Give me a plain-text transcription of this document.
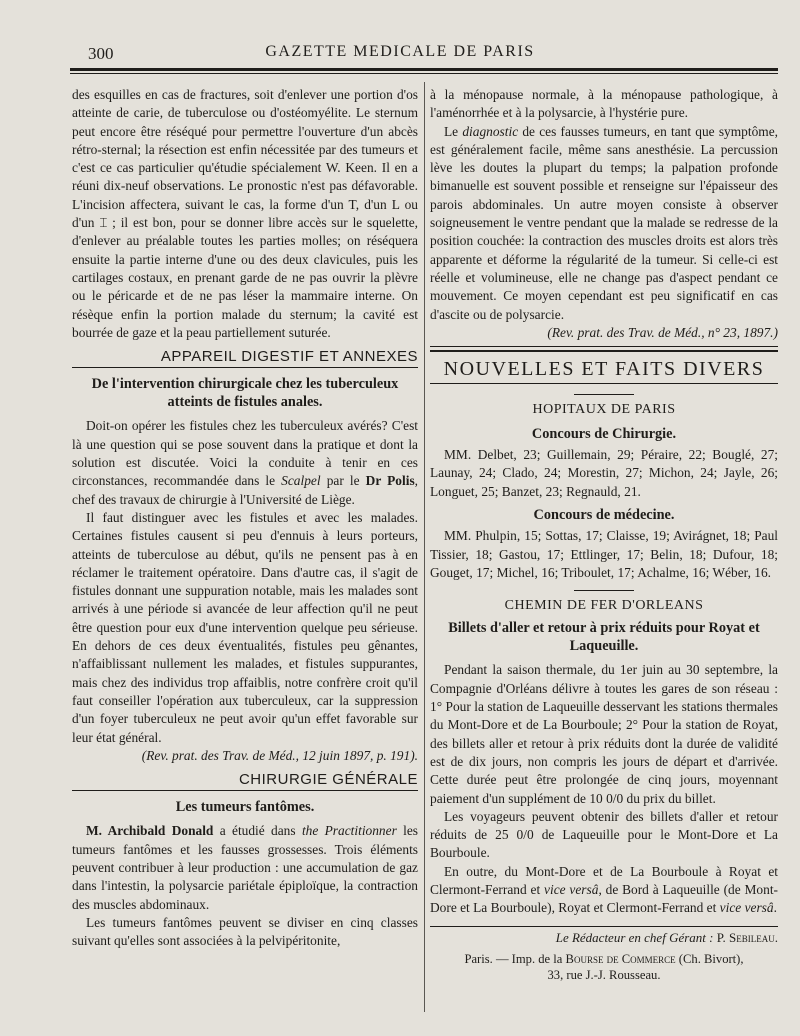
300	GAZETTE MEDICALE DE PARIS

des esquilles en cas de fractures, soit d'enlever une portion d'os atteinte de carie, de tuberculose ou d'ostéomyélite. Le sternum peut encore être réséqué pour permettre l'ouverture d'un abcès rétro-sternal; la résection est enfin nécessitée par des tumeurs et c'est ce cas particulier qu'étudie spécialement W. Keen. Il en a réuni dix-neuf observations. Le pronostic n'est pas défavorable. L'incision affectera, suivant le cas, la forme d'un T, d'un L ou d'un ⌶ ; il est bon, pour se donner libre accès sur le squelette, d'enlever au préalable toutes les parties molles; on réséquera ensuite la partie interne d'une ou des deux clavicules, puis les cartilages costaux, en prenant garde de ne pas ouvrir la plèvre ou le péricarde et de ne pas léser la mammaire interne. On résèque enfin la portion malade du sternum; la cavité est bourrée de gaze et la peau partiellement suturée.

APPAREIL DIGESTIF ET ANNEXES
De l'intervention chirurgicale chez les tuberculeux atteints de fistules anales.

Doit-on opérer les fistules chez les tuberculeux avérés? C'est là une question qui se pose souvent dans la pratique et dont la solution est discutée. Voici la conduite à tenir en ces circonstances, recommandée dans le Scalpel par le Dr Polis, chef des travaux de chirurgie à l'Université de Liège.

Il faut distinguer avec les fistules et avec les malades. Certaines fistules causent si peu d'ennuis à leurs porteurs, atteints de tuberculose au début, qu'ils ne pensent pas à en réclamer le traitement opératoire. Dans d'autre cas, il s'agit de fistules donnant une suppuration notable, mais les malades sont arrivés à une période si avancée de leur affection qu'il ne peut être question pour eux d'une intervention quelque peu sérieuse. En dehors de ces deux éventualités, fistules peu gênantes, n'affaiblissant nullement les malades, et fistules suppurantes, mais chez des individus trop affaiblis, notre confrère croit qu'il faut conseiller l'opération aux tuberculeux, car la suppression d'un foyer tuberculeux ne peut avoir qu'un effet favorable sur leur état général.

(Rev. prat. des Trav. de Méd., 12 juin 1897, p. 191).

CHIRURGIE GÉNÉRALE
Les tumeurs fantômes.

M. Archibald Donald a étudié dans the Practitionner les tumeurs fantômes et les fausses grossesses. Trois éléments peuvent contribuer à leur production : une accumulation de gaz dans l'intestin, la polysarcie pariétale épiploïque, la contraction des muscles abdominaux.

Les tumeurs fantômes peuvent se diviser en cinq classes suivant qu'elles sont associées à la pelvipéritonite,

à la ménopause normale, à la ménopause pathologique, à l'aménorrhée et à la polysarcie, à l'hystérie pure.

Le diagnostic de ces fausses tumeurs, en tant que symptôme, est généralement facile, même sans anesthésie. La percussion lève les doutes la plupart du temps; la palpation profonde bimanuelle est souvent possible et renseigne sur l'épaisseur des parois abdominales. Un autre moyen consiste à observer soigneusement le ventre pendant que la malade se redresse de la position couchée: la contraction des muscles droits est alors très apparente et déforme la régularité de la tumeur. Si celle-ci est réelle et volumineuse, elle ne change pas d'aspect pendant ce mouvement. Ce moyen cependant est peu significatif en cas d'ascite ou de polysarcie.

(Rev. prat. des Trav. de Méd., n° 23, 1897.)

NOUVELLES ET FAITS DIVERS
HOPITAUX DE PARIS
Concours de Chirurgie.

MM. Delbet, 23; Guillemain, 29; Péraire, 22; Bouglé, 27; Launay, 24; Clado, 24; Morestin, 27; Michon, 24; Jayle, 26; Longuet, 25; Banzet, 23; Regnauld, 21.

Concours de médecine.

MM. Phulpin, 15; Sottas, 17; Claisse, 19; Avirágnet, 18; Paul Tissier, 18; Gastou, 17; Ettlinger, 17; Belin, 18; Dufour, 18; Gouget, 17; Michel, 16; Triboulet, 17; Achalme, 16; Wéber, 16.

CHEMIN DE FER D'ORLEANS
Billets d'aller et retour à prix réduits pour Royat et Laqueuille.

Pendant la saison thermale, du 1er juin au 30 septembre, la Compagnie d'Orléans délivre à toutes les gares de son réseau : 1° Pour la station de Laqueuille desservant les stations thermales du Mont-Dore et de La Bourboule; 2° Pour la station de Royat, des billets aller et retour à prix réduits dont la durée de validité est de dix jours, non compris les jours de départ et d'arrivée. Cette durée peut être prolongée de cinq jours, moyennant paiement d'un supplément de 10 0/0 du prix du billet.

Les voyageurs peuvent obtenir des billets d'aller et retour réduits de 25 0/0 de Laqueuille pour le Mont-Dore et La Bourboule.

En outre, du Mont-Dore et de La Bourboule à Royat et Clermont-Ferrand et vice versâ, de Bord à Laqueuille (de Mont-Dore et La Bourboule), Royat et Clermont-Ferrand et vice versâ.

Le Rédacteur en chef Gérant : P. Sebileau.
Paris. — Imp. de la Bourse de Commerce (Ch. Bivort),
33, rue J.-J. Rousseau.
